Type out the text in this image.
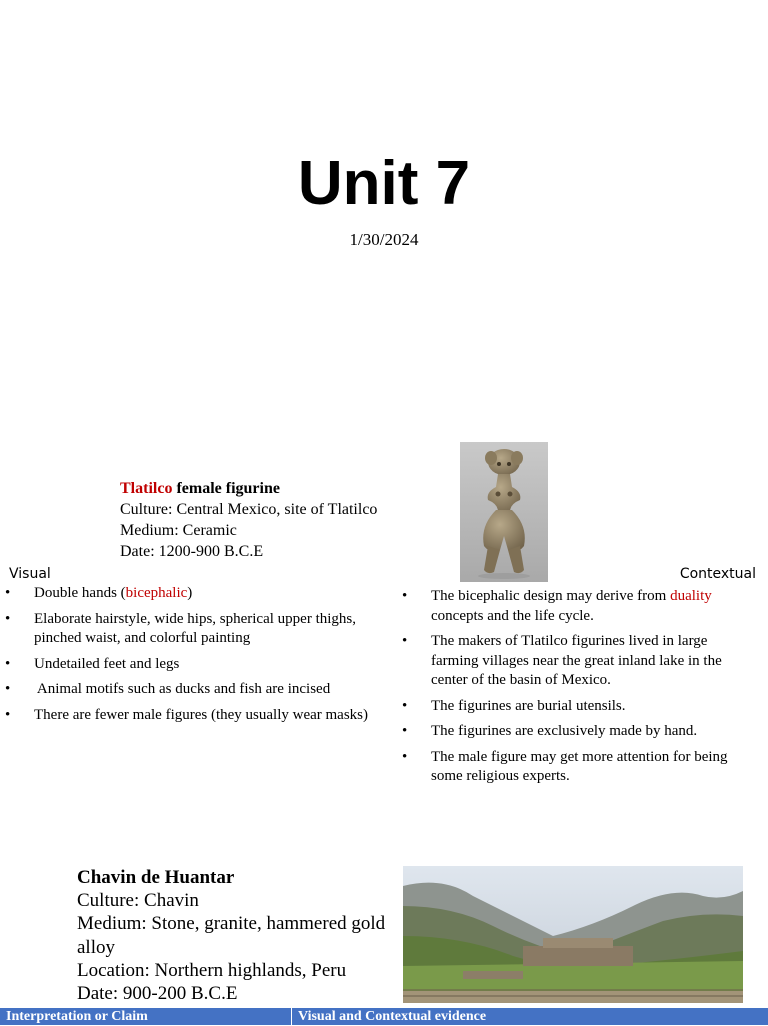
Unit 7
1/30/2024
Tlatilco female figurine
Culture: Central Mexico, site of Tlatilco
Medium: Ceramic
Date: 1200-900 B.C.E
Visual	Contextual
• Double hands (bicephalic)
• Elaborate hairstyle, wide hips, spherical upper thighs, pinched waist, and colorful painting
• Undetailed feet and legs
•  Animal motifs such as ducks and fish are incised
• There are fewer male figures (they usually wear masks)
• The bicephalic design may derive from duality concepts and the life cycle.
• The makers of Tlatilco figurines lived in large farming villages near the great inland lake in the center of the basin of Mexico.
• The figurines are burial utensils.
• The figurines are exclusively made by hand.
• The male figure may get more attention for being some religious experts.
Chavin de Huantar
Culture: Chavin
Medium: Stone, granite, hammered gold alloy
Location: Northern highlands, Peru
Date: 900-200 B.C.E
Interpretation or Claim	Visual and Contextual evidence
